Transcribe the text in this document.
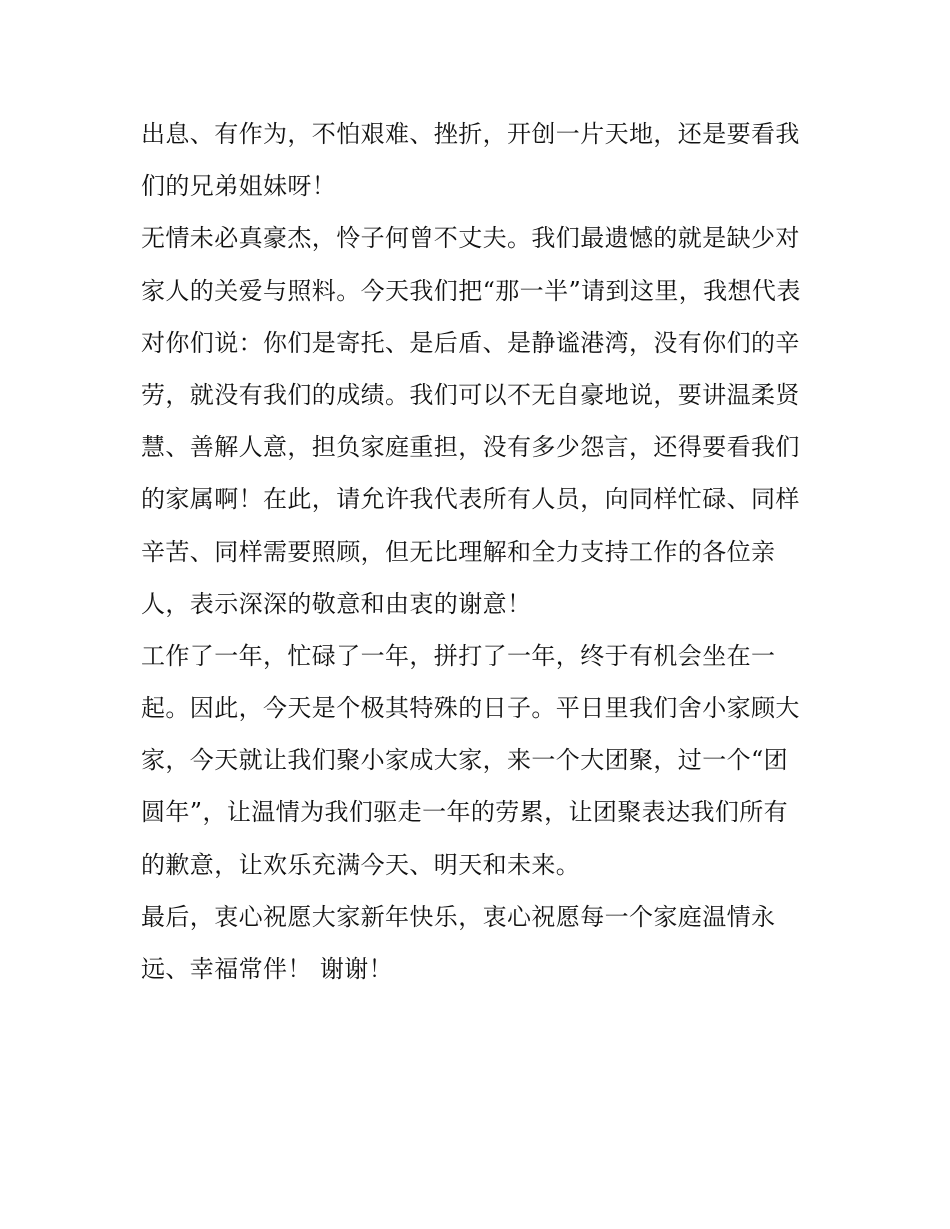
出息、有作为，不怕艰难、挫折，开创一片天地，还是要看我
们的兄弟姐妹呀！
无情未必真豪杰，怜子何曾不丈夫。我们最遗憾的就是缺少对
家人的关爱与照料。今天我们把“那一半”请到这里，我想代表
对你们说：你们是寄托、是后盾、是静谧港湾，没有你们的辛
劳，就没有我们的成绩。我们可以不无自豪地说，要讲温柔贤
慧、善解人意，担负家庭重担，没有多少怨言，还得要看我们
的家属啊！在此，请允许我代表所有人员，向同样忙碌、同样
辛苦、同样需要照顾，但无比理解和全力支持工作的各位亲
人，表示深深的敬意和由衷的谢意！
工作了一年，忙碌了一年，拼打了一年，终于有机会坐在一
起。因此，今天是个极其特殊的日子。平日里我们舍小家顾大
家，今天就让我们聚小家成大家，来一个大团聚，过一个“团
圆年”，让温情为我们驱走一年的劳累，让团聚表达我们所有
的歉意，让欢乐充满今天、明天和未来。
最后，衷心祝愿大家新年快乐，衷心祝愿每一个家庭温情永
远、幸福常伴！ 谢谢！
